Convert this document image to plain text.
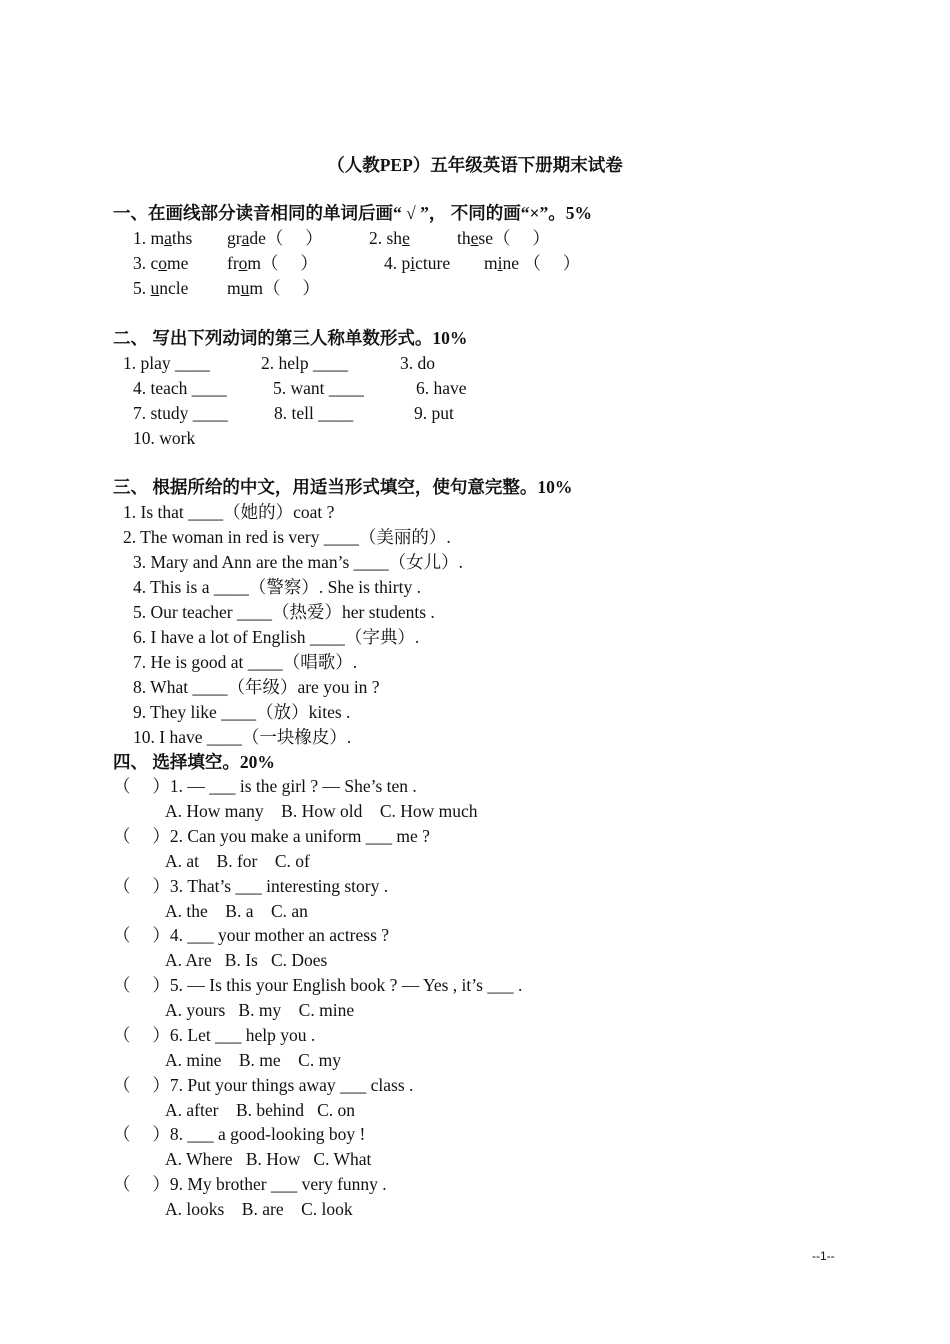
（人教PEP）五年级英语下册期末试卷
一、在画线部分读音相同的单词后画“ √ ”， 不同的画“×”。5%
1. maths grade（     ）	2. she	these（     ）
3. come from（     ）	4. picture mine （     ）
5. uncle mum（     ）
二、 写出下列动词的第三人称单数形式。10%
1. play ____	2. help ____	3. do
4. teach ____	5. want ____	6. have
7. study ____	8. tell ____	9. put
10. work
三、 根据所给的中文，用适当形式填空，使句意完整。10%
1. Is that ____（她的）coat ?
2. The woman in red is very ____（美丽的）.
3. Mary and Ann are the man’s ____（女儿）.
4. This is a ____（警察）. She is thirty .
5. Our teacher ____（热爱）her students .
6. I have a lot of English ____（字典）.
7. He is good at ____（唱歌）.
8. What ____（年级）are you in ?
9. They like ____（放）kites .
10. I have ____（一块橡皮）.
四、 选择填空。20%
（     ）1. — ___ is the girl ? — She’s ten .
A. How many    B. How old    C. How much
（     ）2. Can you make a uniform ___ me ?
A. at    B. for    C. of
（     ）3. That’s ___ interesting story .
A. the    B. a    C. an
（     ）4. ___ your mother an actress ?
A. Are   B. Is   C. Does
（     ）5. — Is this your English book ? — Yes , it’s ___ .
A. yours   B. my    C. mine
（     ）6. Let ___ help you .
A. mine    B. me    C. my
（     ）7. Put your things away ___ class .
A. after    B. behind   C. on
（     ）8. ___ a good-looking boy !
A. Where   B. How   C. What
（     ）9. My brother ___ very funny .
A. looks    B. are    C. look
--1--
